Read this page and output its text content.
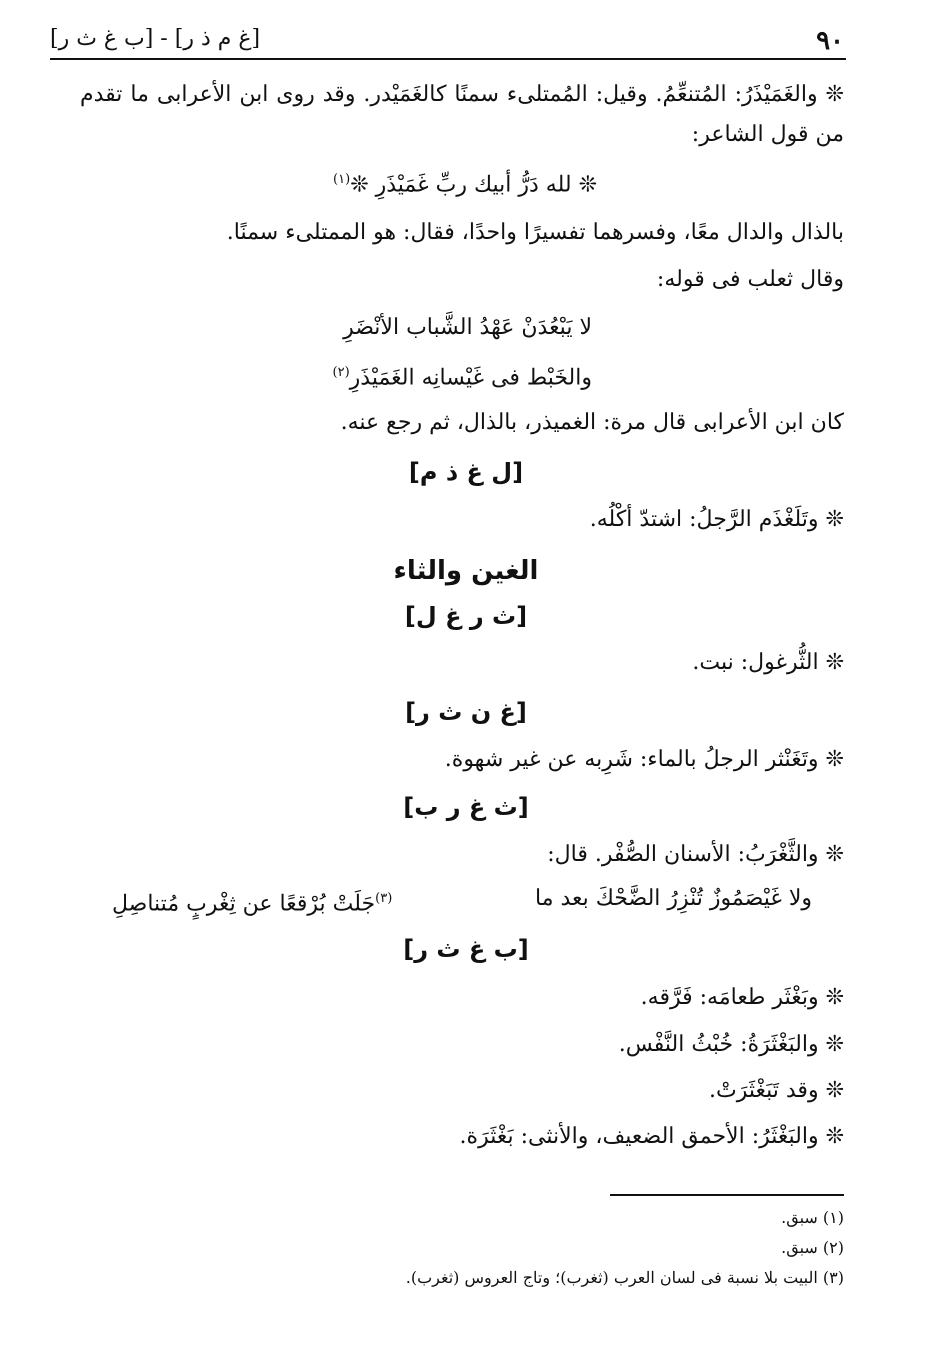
٩٠
[غ م ذ ر] - [ب غ ث ر]
❊ والغَمَيْذَرُ: المُتنعِّمُ. وقيل: المُمتلىء سمنًا كالغَمَيْدر. وقد روى ابن الأعرابى ما تقدم
من قول الشاعر:
❊ لله دَرُّ أبيك ربِّ غَمَيْذَرِ ❊$^{(١)}$
بالذال والدال معًا، وفسرهما تفسيرًا واحدًا، فقال: هو الممتلىء سمنًا.
وقال ثعلب فى قوله:
لا يَبْعُدَنْ عَهْدُ الشَّباب الأنْضَرِ
والخَبْط فى غَيْسانِه الغَمَيْذَرِ$^{(٢)}$
كان ابن الأعرابى قال مرة: الغميذر، بالذال، ثم رجع عنه.
[ل غ ذ م]
❊ وتَلَغْذَم الرَّجلُ: اشتدّ أكْلُه.
الغين والثاء
[ث ر غ ل]
❊ الثُّرغول: نبت.
[غ ن ث ر]
❊ وتَغَنْثر الرجلُ بالماء: شَرِبه عن غير شهوة.
[ث غ ر ب]
❊ والثَّغْرَبُ: الأسنان الصُّفْر. قال:
ولا غَيْصَمُوزٌ تُنْزِرُ الضَّحْكَ بعد ما
$^{(٣)}$جَلَتْ بُرْقعًا عن ثِغْربٍ مُتناصِلِ
[ب غ ث ر]
❊ وبَغْثَر طعامَه: فَرَّقه.
❊ والبَغْثَرَةُ: خُبْثُ النَّفْس.
❊ وقد تَبَغْثَرَتْ.
❊ والبَغْثَرُ: الأحمق الضعيف، والأنثى: بَغْثَرَة.
(١) سبق.
(٢) سبق.
(٣) البيت بلا نسبة فى لسان العرب (ثغرب)؛ وتاج العروس (ثغرب).
